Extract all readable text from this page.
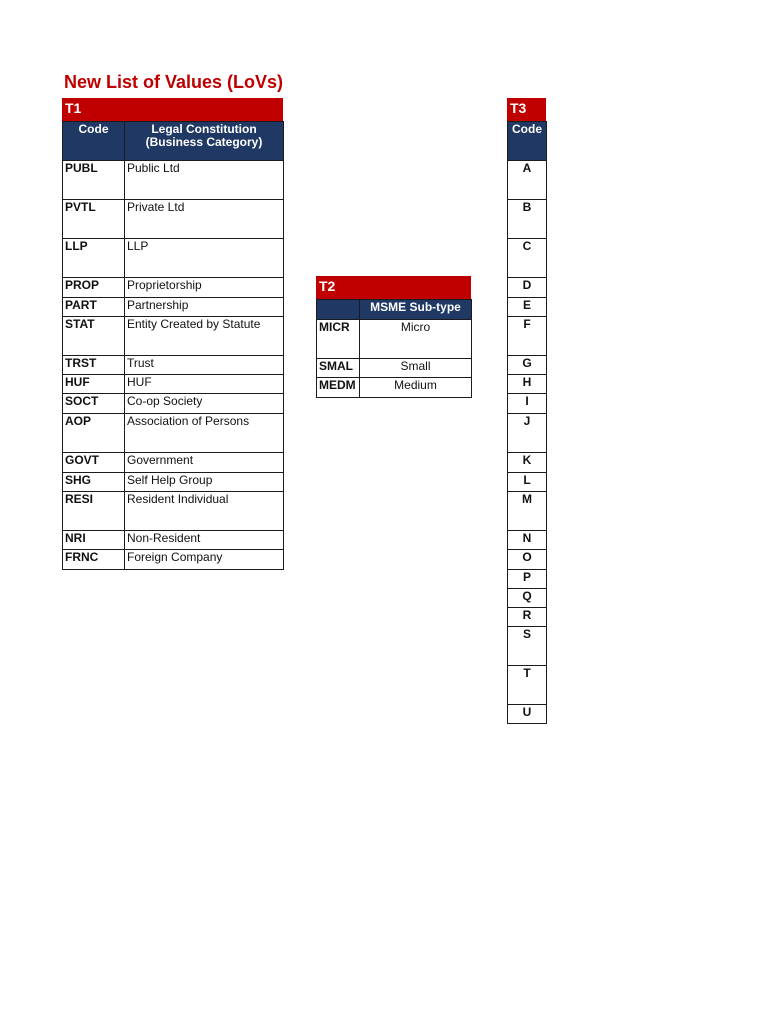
New List of Values (LoVs)
T1
Code	Legal Constitution
(Business Category)
PUBL	Public Ltd
PVTL	Private Ltd
LLP	LLP
PROP	Proprietorship
PART	Partnership
STAT	Entity Created by Statute
TRST	Trust
HUF	HUF
SOCT	Co-op Society
AOP	Association of Persons
GOVT	Government
SHG	Self Help Group
RESI	Resident Individual
NRI	Non-Resident
FRNC	Foreign Company
T2
	MSME Sub-type
MICR	Micro
SMAL	Small
MEDM	Medium
T3
Code
A
B
C
D
E
F
G
H
I
J
K
L
M
N
O
P
Q
R
S
T
U
